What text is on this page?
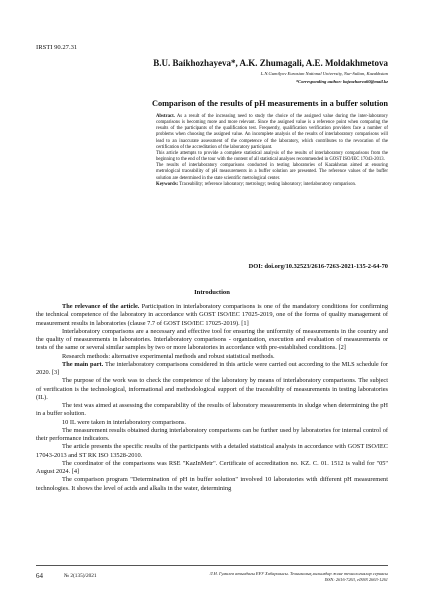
IRSTI 90.27.31
B.U. Baikhozhayeva*, A.K. Zhumagali, A.E. Moldakhmetova
L.N.Gumilyov Eurasian National University, Nur-Sultan, Kazakhstan
*Corresponding author: bajzozhaeva60@mail.kz
Comparison of the results of pH measurements in a buffer solution

Abstract. As a result of the increasing need to study the choice of the assigned value during the inter-laboratory comparisons is becoming more and more relevant. Since the assigned value is a reference point when comparing the results of the participants of the qualification test. Frequently, qualification verification providers face a number of problems when choosing the assigned value. An incomplete analysis of the results of interlaboratory comparisons will lead to an inaccurate assessment of the competence of the laboratory, which contributes to the revocation of the certification of the accreditation of the laboratory participant.

This article attempts to provide a complete statistical analysis of the results of interlaboratory comparisons from the beginning to the end of the tour with the content of all statistical analyses recommended in GOST ISO/IEC 17043-2013.

The results of interlaboratory comparisons conducted in testing laboratories of Kazakhstan aimed at ensuring metrological traceability of pH measurements in a buffer solution are presented. The reference values of the buffer solution are determined in the state scientific metrological center.

Keywords: Traceability; reference laboratory; metrology; testing laboratory; interlaboratory comparison.

DOI: doi.org/10.32523/2616-7263-2021-135-2-64-70
Introduction

The relevance of the article. Participation in interlaboratory comparisons is one of the mandatory conditions for confirming the technical competence of the laboratory in accordance with GOST ISO/IEC 17025-2019, one of the forms of quality management of measurement results in laboratories (clause 7.7 of GOST ISO/IEC 17025-2019). [1]

Interlaboratory comparisons are a necessary and effective tool for ensuring the uniformity of measurements in the country and the quality of measurements in laboratories. Interlaboratory comparisons - organization, execution and evaluation of measurements or tests of the same or several similar samples by two or more laboratories in accordance with pre-established conditions. [2]

Research methods: alternative experimental methods and robust statistical methods.

The main part. The interlaboratory comparisons considered in this article were carried out according to the MLS schedule for 2020. [3]

The purpose of the work was to check the competence of the laboratory by means of interlaboratory comparisons. The subject of verification is the technological, informational and methodological support of the traceability of measurements in testing laboratories (IL).

The test was aimed at assessing the comparability of the results of laboratory measurements in sludge when determining the pH in a buffer solution.

10 IL were taken in interlaboratory comparisons.

The measurement results obtained during interlaboratory comparisons can be further used by laboratories for internal control of their performance indicators.

The article presents the specific results of the participants with a detailed statistical analysis in accordance with GOST ISO/IEC 17043-2013 and ST RK ISO 13528-2010.

The coordinator of the comparisons was RSE "KazInMetr". Certificate of accreditation no. KZ. C. 01. 1512 is valid for "05" August 2024. [4]

The comparison program "Determination of pH in buffer solution" involved 10 laboratories with different pH measurement technologies. It shows the level of acids and alkalis in the water, determining

64	№ 2(135)/2021	Л.Н. Гумилев атындағы ЕҰУ Хабаршысы. Техникалық ғылымдар және технологиялар сериясы
ISSN: 2616-7263, eISSN 2663-1261
